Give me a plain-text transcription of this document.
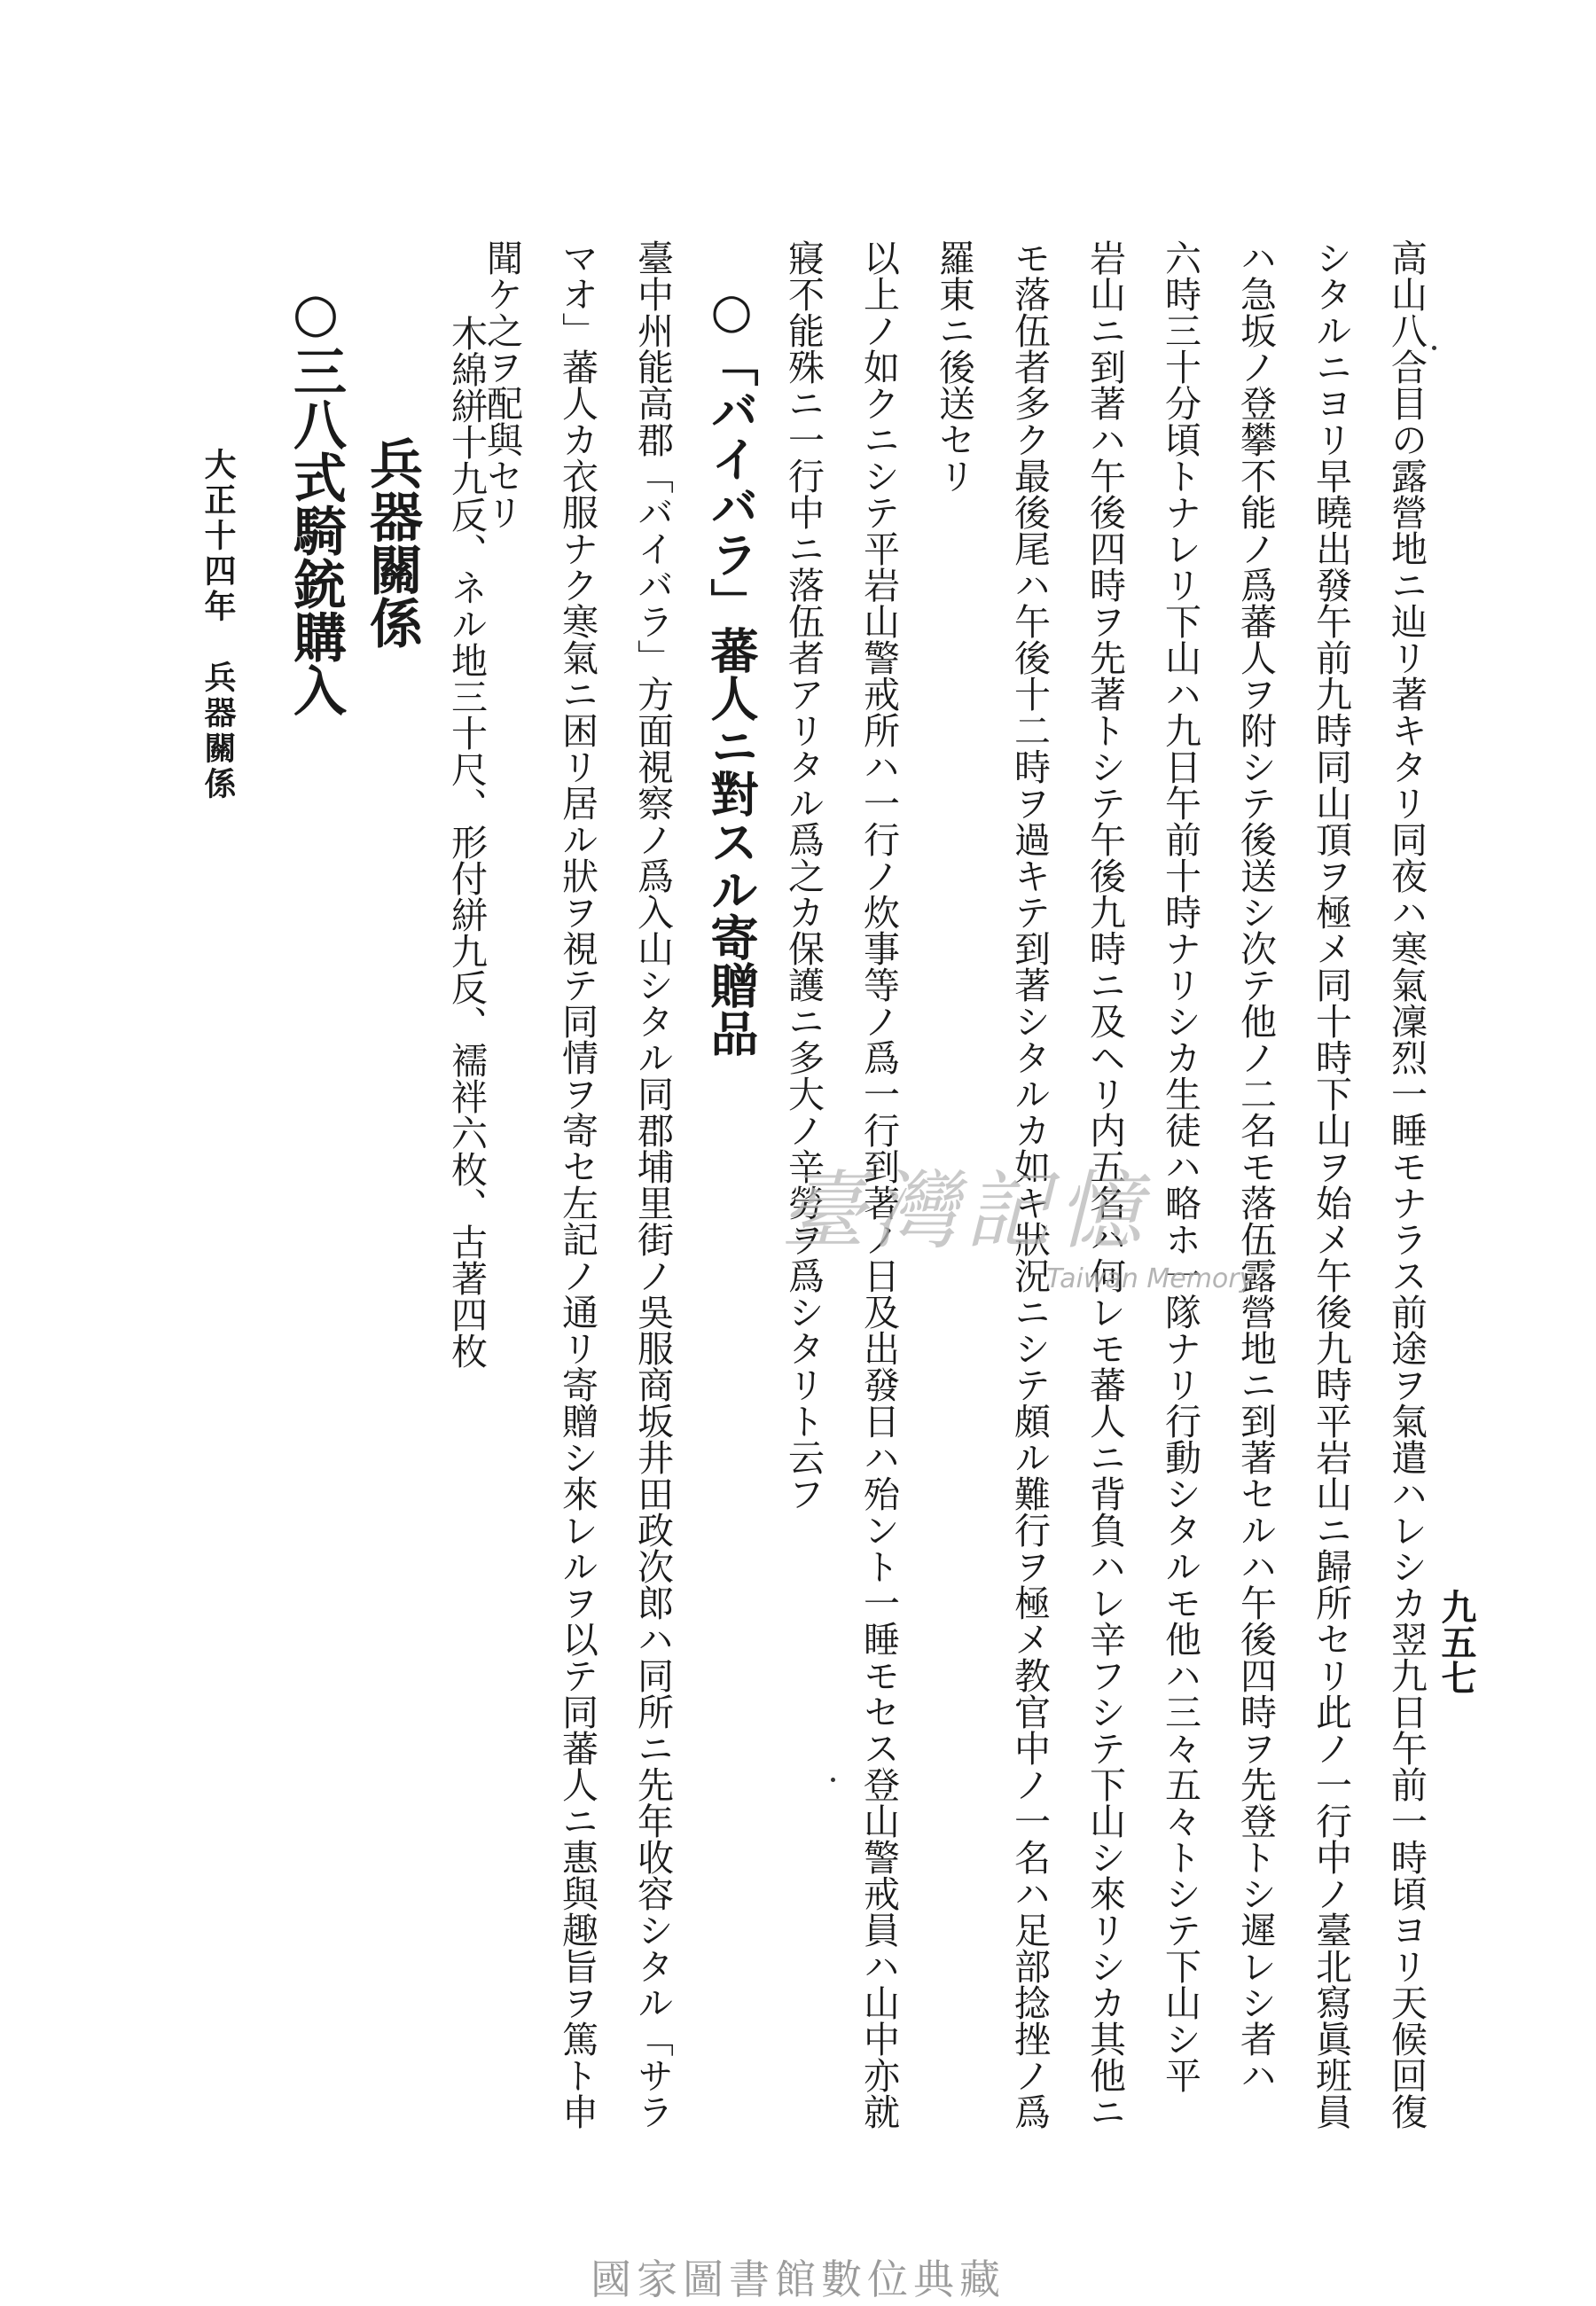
九五七
大正十四年　兵器關係	高山八合目の露營地ニ辿リ著キタリ同夜ハ寒氣凜烈一睡モナラス前途ヲ氣遣ハレシカ翌九日午前一時頃ヨリ天候回復
シタルニヨリ早曉出發午前九時同山頂ヲ極メ同十時下山ヲ始メ午後九時平岩山ニ歸所セリ此ノ一行中ノ臺北寫眞班員
ハ急坂ノ登攀不能ノ爲蕃人ヲ附シテ後送シ次テ他ノ二名モ落伍露營地ニ到著セルハ午後四時ヲ先登トシ遲レシ者ハ
六時三十分頃トナレリ下山ハ九日午前十時ナリシカ生徒ハ略ホ一隊ナリ行動シタルモ他ハ三々五々トシテ下山シ平
岩山ニ到著ハ午後四時ヲ先著トシテ午後九時ニ及ヘリ内五名ハ何レモ蕃人ニ背負ハレ辛フシテ下山シ來リシカ其他ニ
モ落伍者多ク最後尾ハ午後十二時ヲ過キテ到著シタルカ如キ狀況ニシテ頗ル難行ヲ極メ教官中ノ一名ハ足部捻挫ノ爲
羅東ニ後送セリ
以上ノ如クニシテ平岩山警戒所ハ一行ノ炊事等ノ爲一行到著ノ日及出發日ハ殆ント一睡モセス登山警戒員ハ山中亦就
寢不能殊ニ一行中ニ落伍者アリタル爲之カ保護ニ多大ノ辛勞ヲ爲シタリト云フ
○「バイバラ」蕃人ニ對スル寄贈品
臺中州能高郡「バイバラ」方面視察ノ爲入山シタル同郡埔里街ノ吳服商坂井田政次郎ハ同所ニ先年收容シタル「サラ
マオ」蕃人カ衣服ナク寒氣ニ困リ居ル狀ヲ視テ同情ヲ寄セ左記ノ通リ寄贈シ來レルヲ以テ同蕃人ニ惠與趣旨ヲ篤ト申
聞ケ之ヲ配與セリ
木綿絣十九反、ネル地三十尺、形付絣九反、襦袢六枚、古著四枚
兵器關係
○三八式騎銃購入
臺灣記憶
Taiwan Memory
國家圖書館數位典藏
